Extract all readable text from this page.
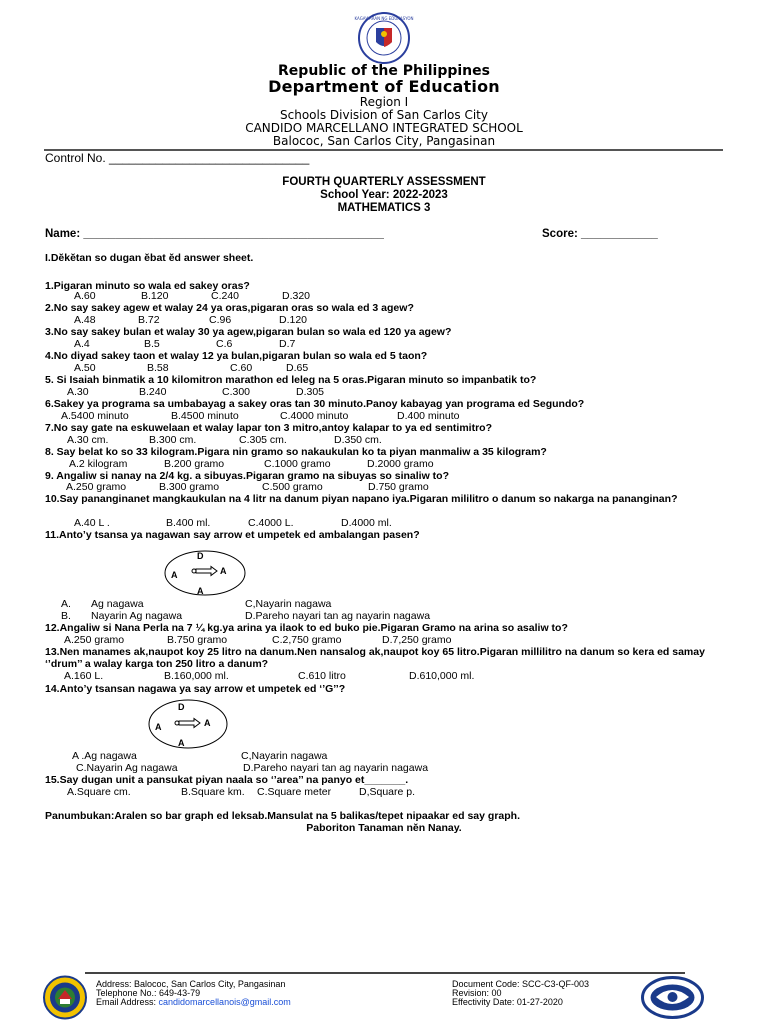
KAGAWARAN NG EDUKASYON
Republic of the Philippines
Department of Education
Region I
Schools Division of San Carlos City
CANDIDO MARCELLANO INTEGRATED SCHOOL
Balococ, San Carlos City, Pangasinan
Control No. ______________________________
FOURTH QUARTERLY ASSESSMENT
School Year: 2022-2023
MATHEMATICS 3
Name: _______________________________________________	Score: ____________
I.Dĕkĕtan so dugan ĕbat ĕd answer sheet.
1.Pigaran minuto so wala ed sakey oras?
A.60	B.120	C.240	D.320
2.No say sakey agew et walay 24 ya oras,pigaran oras so wala ed 3 agew?
A.48	B.72	C.96	D.120
3.No say sakey bulan et walay 30 ya agew,pigaran bulan so wala ed 120 ya agew?
A.4	B.5	C.6	D.7
4.No diyad sakey taon et walay 12 ya bulan,pigaran bulan so wala ed 5 taon?
A.50	B.58	C.60	D.65
5. Si Isaiah binmatik a 10 kilomitron marathon ed leleg na 5 oras.Pigaran minuto so impanbatik to?
A.30	B.240	C.300	D.305
6.Sakey ya programa sa umbabayag a sakey oras tan 30 minuto.Panoy kabayag yan programa ed Segundo?
A.5400 minuto	B.4500 minuto	C.4000 minuto	D.400 minuto
7.No say gate na eskuwelaan et walay lapar ton 3 mitro,antoy kalapar to ya ed sentimitro?
A.30 cm.	B.300 cm.	C.305 cm.	D.350 cm.
8. Say belat ko so 33 kilogram.Pigara nin gramo so nakaukulan ko ta piyan manmaliw a 35 kilogram?
A.2 kilogram	B.200 gramo	C.1000 gramo	D.2000 gramo
9. Angaliw si nanay na 2/4 kg. a sibuyas.Pigaran gramo na sibuyas so sinaliw to?
A.250 gramo	B.300 gramo	C.500 gramo	D.750 gramo
10.Say pananginanet mangkaukulan na 4 litr na danum piyan napano iya.Pigaran mililitro o danum so nakarga na pananginan?
A.40 L .	B.400 ml.	C.4000 L.	D.4000 ml.
11.Anto’y tsansa ya nagawan say arrow et umpetek ed ambalangan pasen?
D
A	A
A
A. Ag nagawa	C,Nayarin nagawa
B. Nayarin Ag nagawa	D.Pareho nayari tan ag nayarin nagawa
12.Angaliw si Nana Perla na 7 ¼ kg.ya arina ya ilaok to ed buko pie.Pigaran Gramo na arina so asaliw to?
A.250 gramo	B.750 gramo	C.2,750 gramo	D.7,250 gramo
13.Nen manames ak,naupot koy 25 litro na danum.Nen nansalog ak,naupot koy 65 litro.Pigaran millilitro na danum so kera ed samay ‘’drum’’ a walay karga ton 250 litro a danum?
A.160 L.	B.160,000 ml.	C.610 litro	D.610,000 ml.
14.Anto’y tsansan nagawa ya say arrow et umpetek ed ‘’G’’?
D
A	A
A
A .Ag nagawa	C,Nayarin nagawa
C.Nayarin Ag nagawa	D.Pareho nayari tan ag nayarin nagawa
15.Say dugan unit a pansukat piyan naala so ‘’area’’ na panyo et_______.
A.Square cm.	B.Square km. C.Square meter	D,Square p.
Panumbukan:Aralen so bar graph ed leksab.Mansulat na 5 balikas/tepet nipaakar ed say graph.
Paboriton Tanaman nĕn Nanay.
Address: Balococ, San Carlos City, Pangasinan
Telephone No.: 649-43-79
Email Address: candidomarcellanois@gmail.com
Document Code: SCC-C3-QF-003
Revision: 00
Effectivity Date: 01-27-2020
